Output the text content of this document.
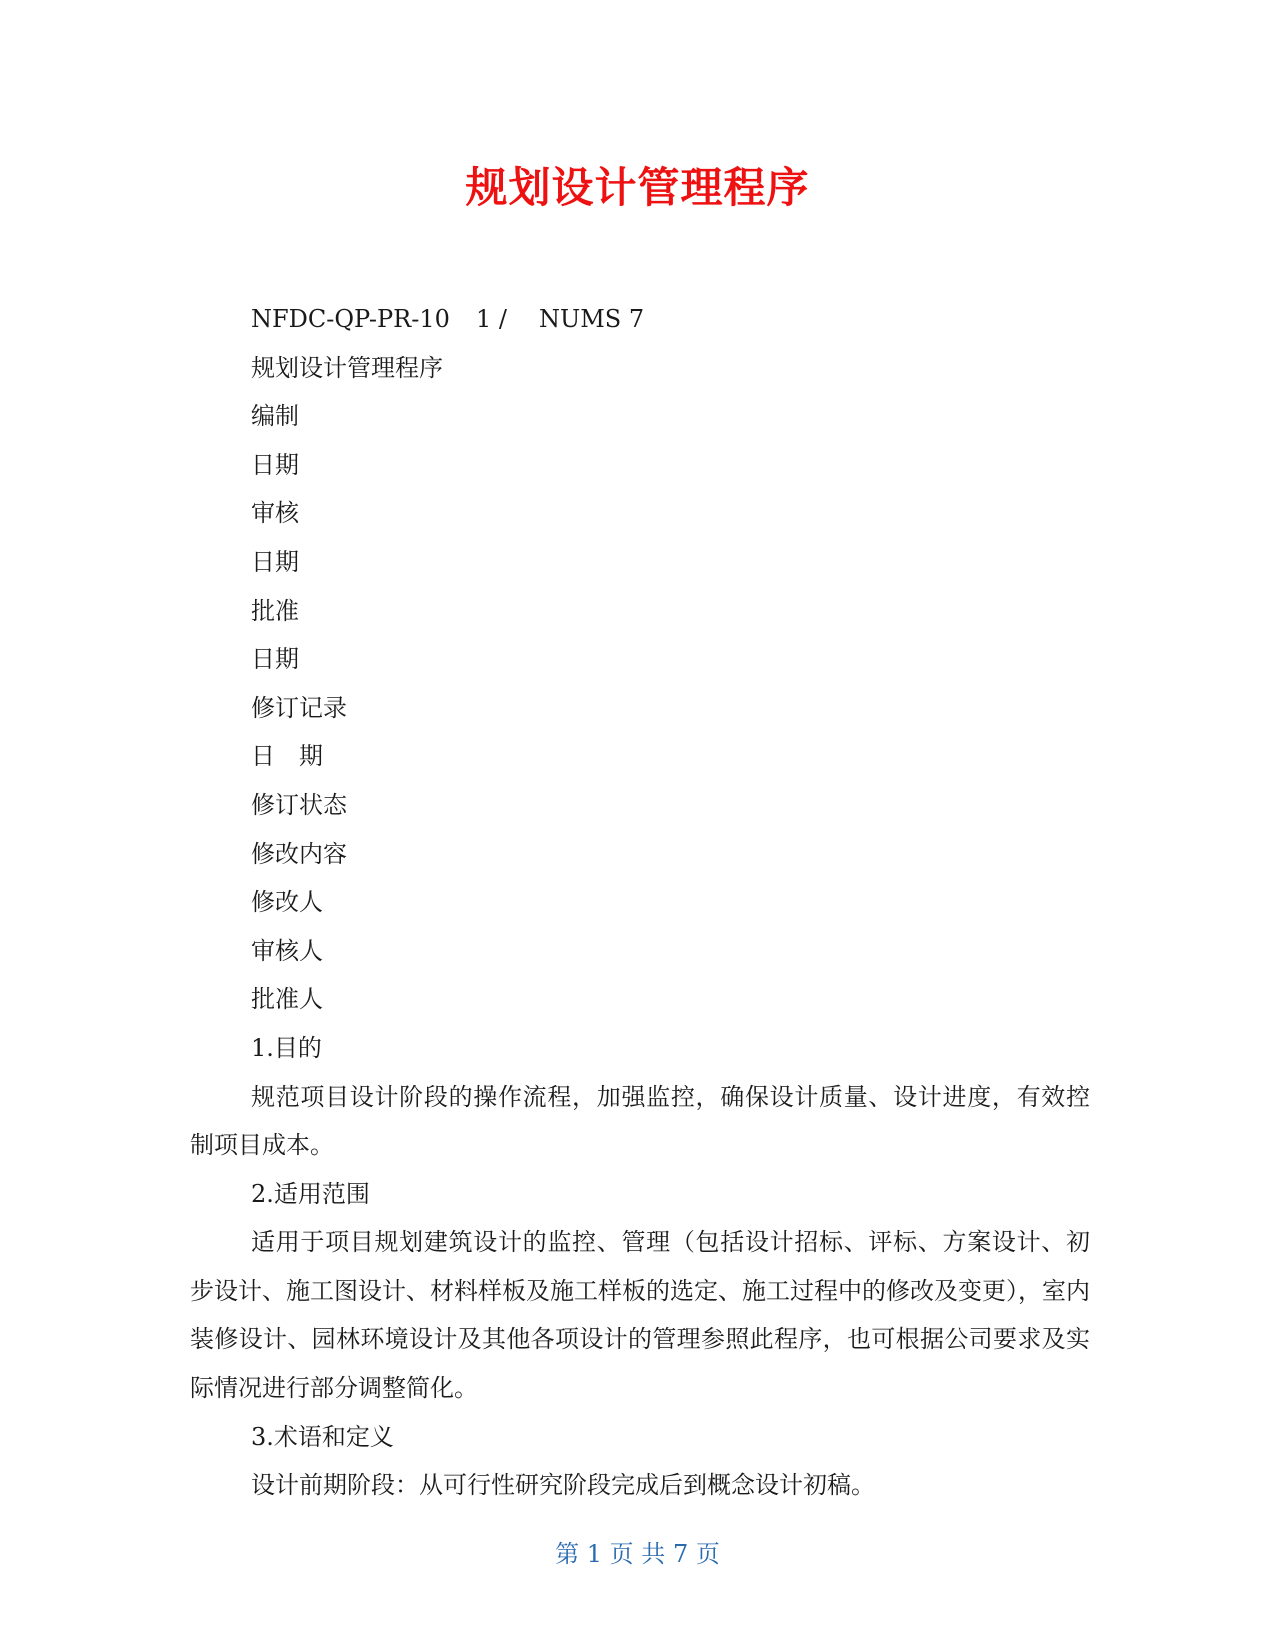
规划设计管理程序

NFDC-QP-PR-10 1 / NUMS 7

规划设计管理程序

编制

日期

审核

日期

批准

日期

修订记录

日　期

修订状态

修改内容

修改人

审核人

批准人

1.目的

规范项目设计阶段的操作流程，加强监控，确保设计质量、设计进度，有效控制项目成本。

2.适用范围

适用于项目规划建筑设计的监控、管理（包括设计招标、评标、方案设计、初步设计、施工图设计、材料样板及施工样板的选定、施工过程中的修改及变更），室内装修设计、园林环境设计及其他各项设计的管理参照此程序，也可根据公司要求及实际情况进行部分调整简化。

3.术语和定义

设计前期阶段：从可行性研究阶段完成后到概念设计初稿。

第 1 页 共 7 页
